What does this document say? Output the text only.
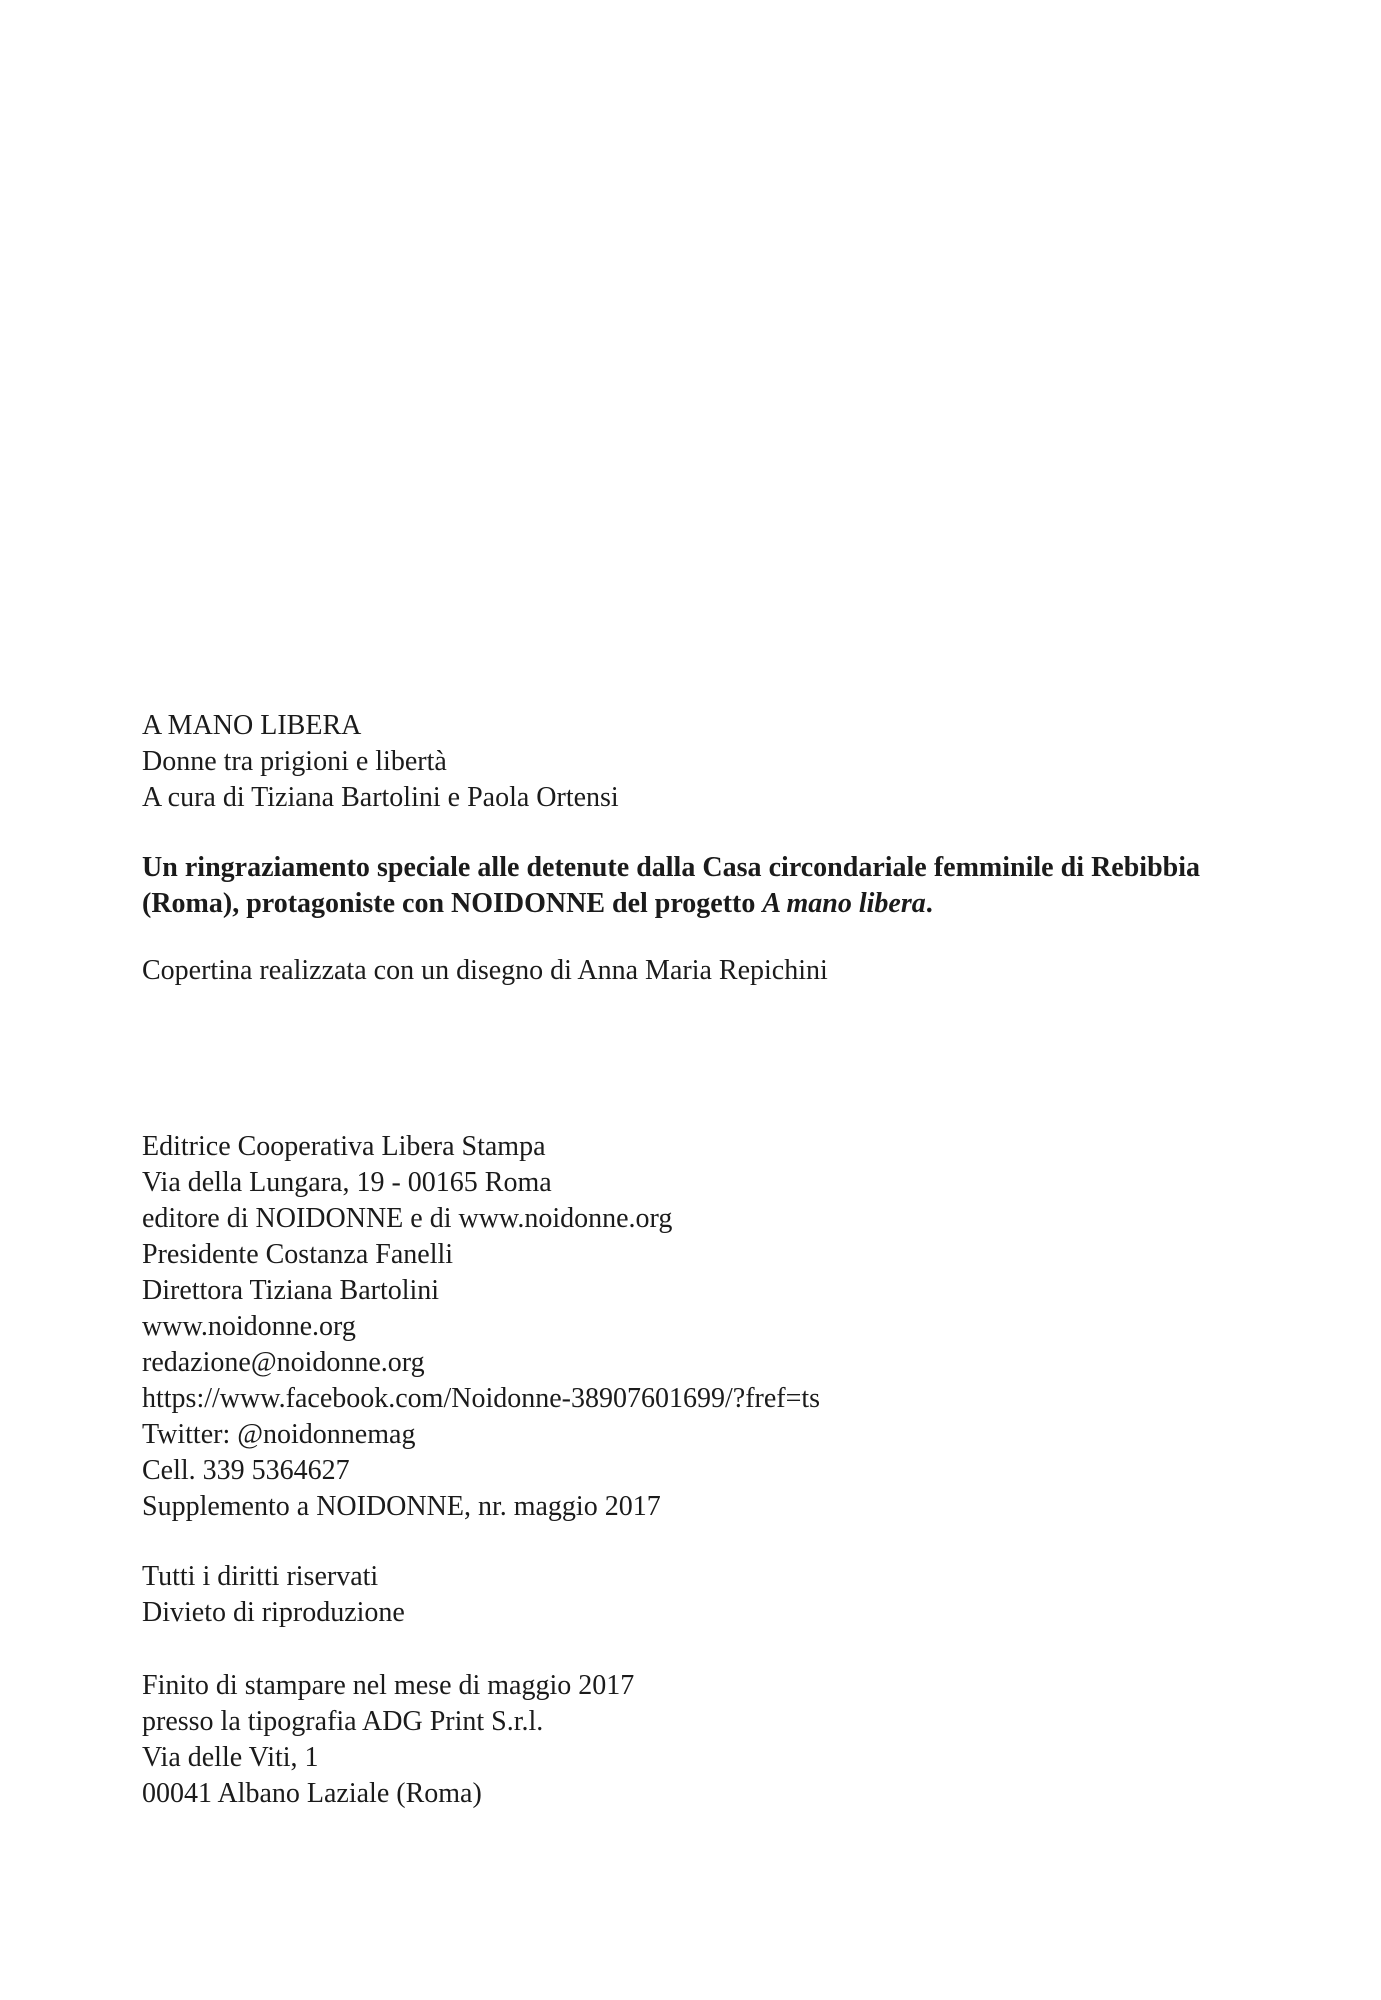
A MANO LIBERA

Donne tra prigioni e libertà

A cura di Tiziana Bartolini e Paola Ortensi

Un ringraziamento speciale alle detenute dalla Casa circondariale femminile di Rebibbia (Roma), protagoniste con NOIDONNE del progetto A mano libera.

Copertina realizzata con un disegno di Anna Maria Repichini

Editrice Cooperativa Libera Stampa
Via della Lungara, 19 - 00165 Roma
editore di NOIDONNE e di www.noidonne.org
Presidente Costanza Fanelli
Direttora Tiziana Bartolini
www.noidonne.org
redazione@noidonne.org
https://www.facebook.com/Noidonne-38907601699/?fref=ts
Twitter: @noidonnemag
Cell. 339 5364627
Supplemento a NOIDONNE, nr. maggio 2017
Tutti i diritti riservati
Divieto di riproduzione
Finito di stampare nel mese di maggio 2017
presso la tipografia ADG Print S.r.l.
Via delle Viti, 1
00041 Albano Laziale (Roma)
